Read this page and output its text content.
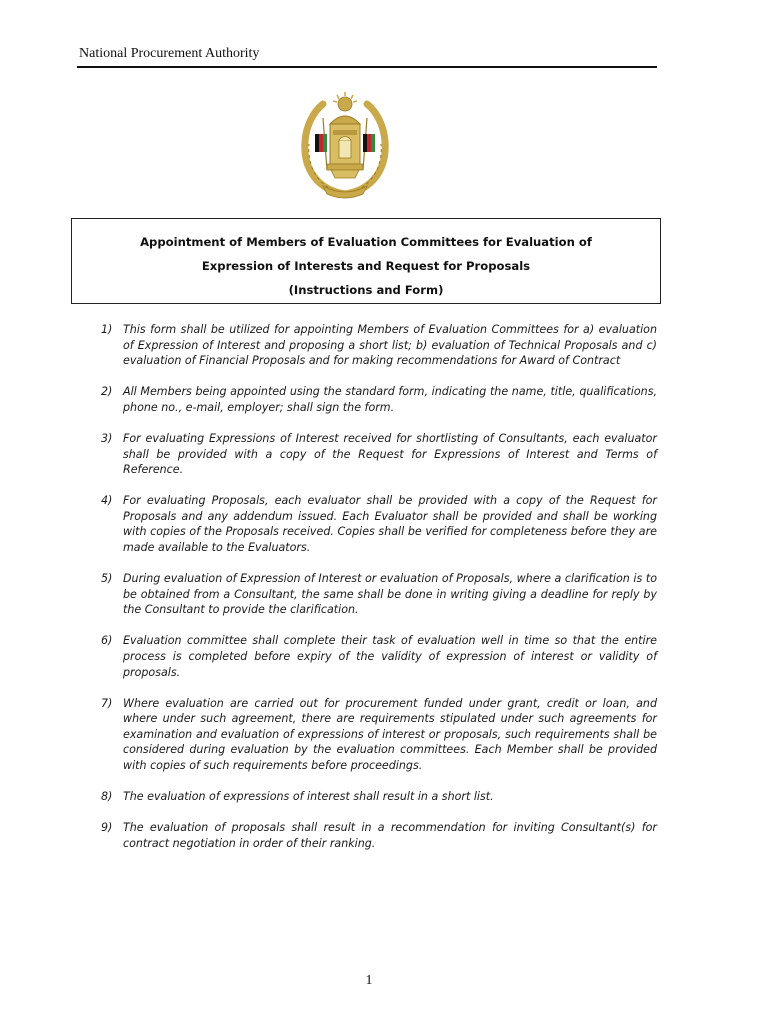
National Procurement Authority
Appointment of Members of Evaluation Committees for Evaluation of
Expression of Interests and Request for Proposals
(Instructions and Form)
1) This form shall be utilized for appointing Members of Evaluation Committees for a) evaluation of Expression of Interest and proposing a short list; b) evaluation of Technical Proposals and c) evaluation of Financial Proposals and for making recommendations for Award of Contract
2) All Members being appointed using the standard form, indicating the name, title, qualifications, phone no., e-mail, employer; shall sign the form.
3) For evaluating Expressions of Interest received for shortlisting of Consultants, each evaluator shall be provided with a copy of the Request for Expressions of Interest and Terms of Reference.
4) For evaluating Proposals, each evaluator shall be provided with a copy of the Request for Proposals and any addendum issued. Each Evaluator shall be provided and shall be working with copies of the Proposals received. Copies shall be verified for completeness before they are made available to the Evaluators.
5) During evaluation of Expression of Interest or evaluation of Proposals, where a clarification is to be obtained from a Consultant, the same shall be done in writing giving a deadline for reply by the Consultant to provide the clarification.
6) Evaluation committee shall complete their task of evaluation well in time so that the entire process is completed before expiry of the validity of expression of interest or validity of proposals.
7) Where evaluation are carried out for procurement funded under grant, credit or loan, and where under such agreement, there are requirements stipulated under such agreements for examination and evaluation of expressions of interest or proposals, such requirements shall be considered during evaluation by the evaluation committees. Each Member shall be provided with copies of such requirements before proceedings.
8) The evaluation of expressions of interest shall result in a short list.
9) The evaluation of proposals shall result in a recommendation for inviting Consultant(s) for contract negotiation in order of their ranking.
1
